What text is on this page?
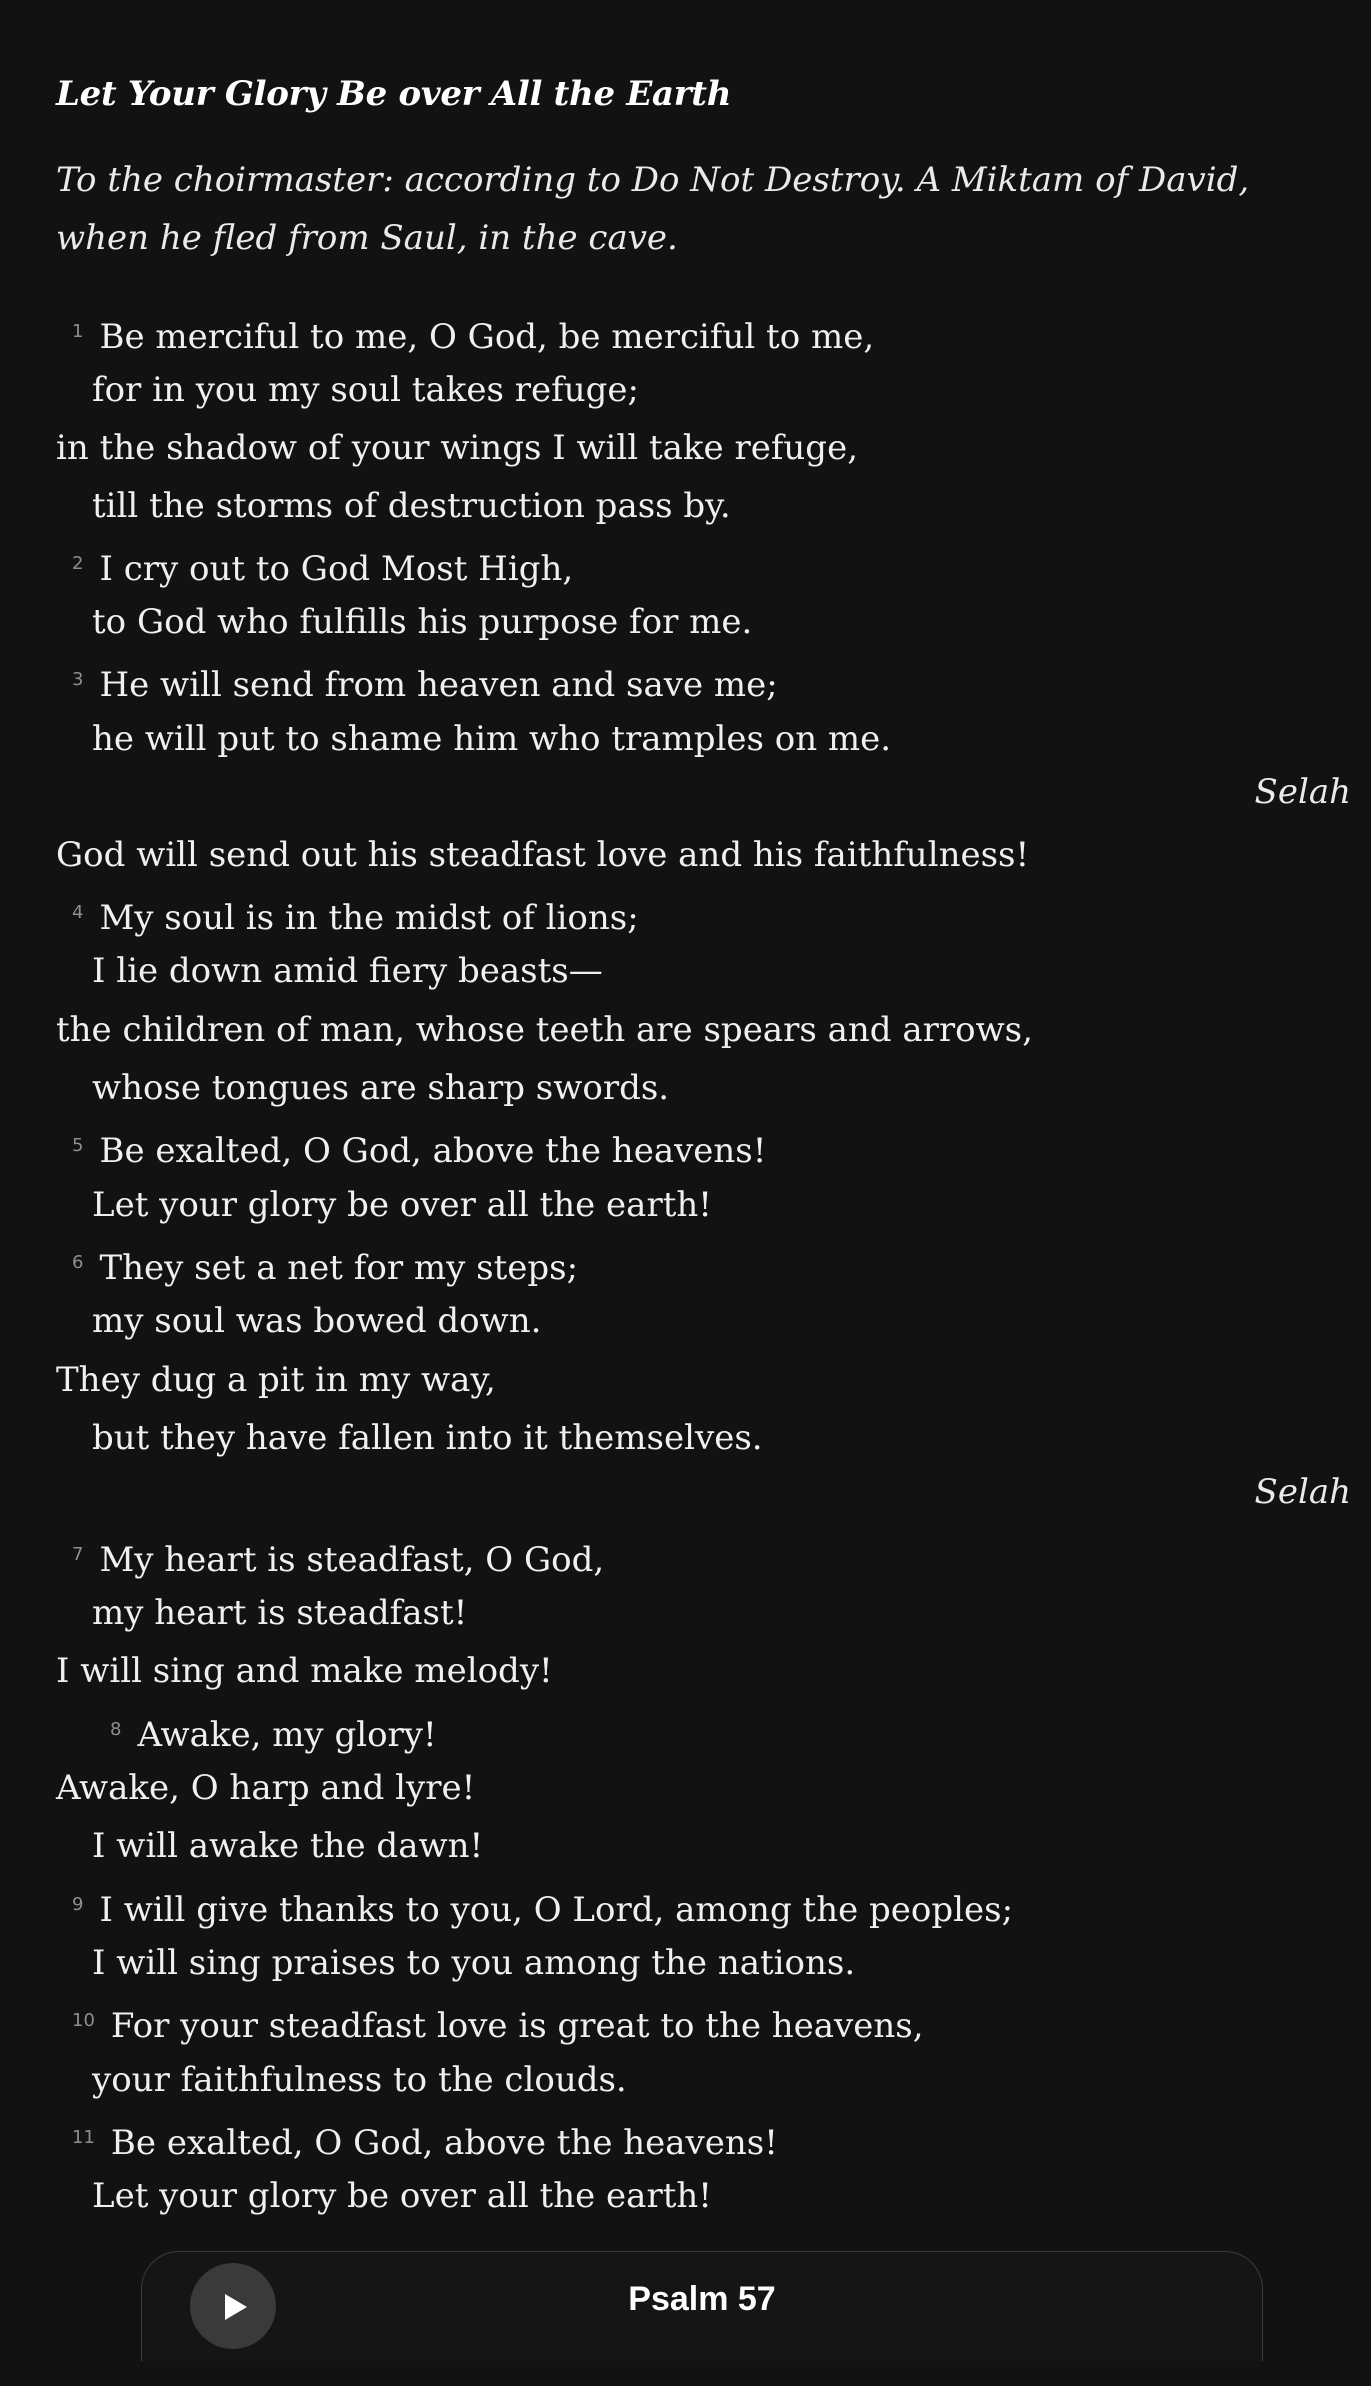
Let Your Glory Be over All the Earth
To the choirmaster: according to Do Not Destroy. A Miktam of David, when he fled from Saul, in the cave.
1 Be merciful to me, O God, be merciful to me,
for in you my soul takes refuge;
in the shadow of your wings I will take refuge,
till the storms of destruction pass by.
2 I cry out to God Most High,
to God who fulfills his purpose for me.
3 He will send from heaven and save me;
he will put to shame him who tramples on me.
Selah
God will send out his steadfast love and his faithfulness!
4 My soul is in the midst of lions;
I lie down amid fiery beasts—
the children of man, whose teeth are spears and arrows,
whose tongues are sharp swords.
5 Be exalted, O God, above the heavens!
Let your glory be over all the earth!
6 They set a net for my steps;
my soul was bowed down.
They dug a pit in my way,
but they have fallen into it themselves.
Selah
7 My heart is steadfast, O God,
my heart is steadfast!
I will sing and make melody!
8 Awake, my glory!
Awake, O harp and lyre!
I will awake the dawn!
9 I will give thanks to you, O Lord, among the peoples;
I will sing praises to you among the nations.
10 For your steadfast love is great to the heavens,
your faithfulness to the clouds.
11 Be exalted, O God, above the heavens!
Let your glory be over all the earth!
Psalm 57
